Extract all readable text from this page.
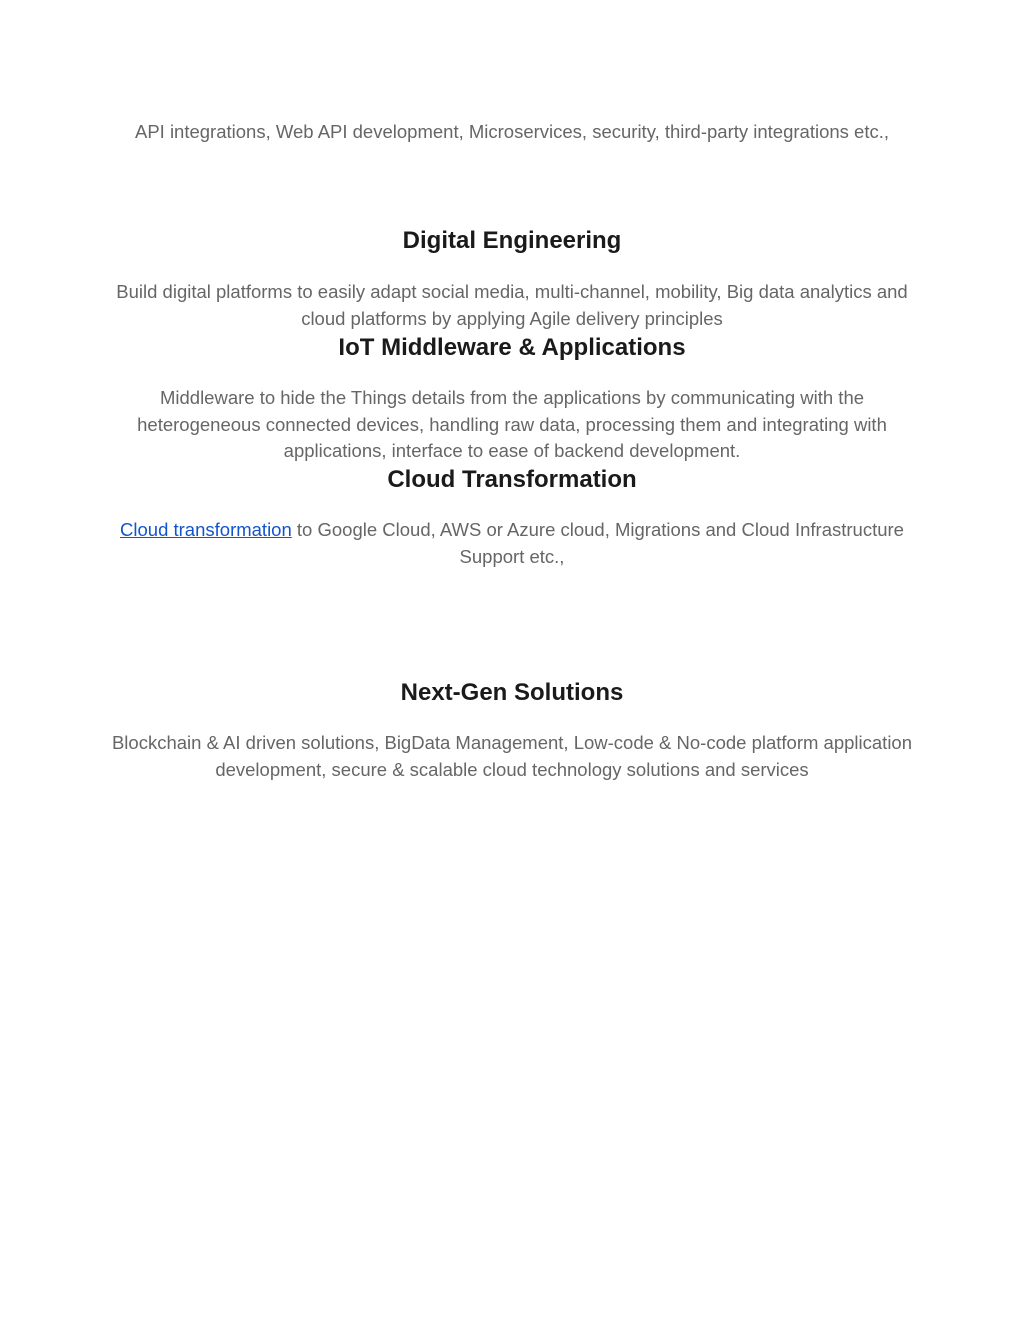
API integrations, Web API development, Microservices, security, third-party integrations etc.,

Digital Engineering

Build digital platforms to easily adapt social media, multi-channel, mobility, Big data analytics and cloud platforms by applying Agile delivery principles

IoT Middleware & Applications

Middleware to hide the Things details from the applications by communicating with the heterogeneous connected devices, handling raw data, processing them and integrating with applications, interface to ease of backend development.

Cloud Transformation

Cloud transformation to Google Cloud, AWS or Azure cloud, Migrations and Cloud Infrastructure Support etc.,

Next-Gen Solutions

Blockchain & AI driven solutions, BigData Management, Low-code & No-code platform application development, secure & scalable cloud technology solutions and services
